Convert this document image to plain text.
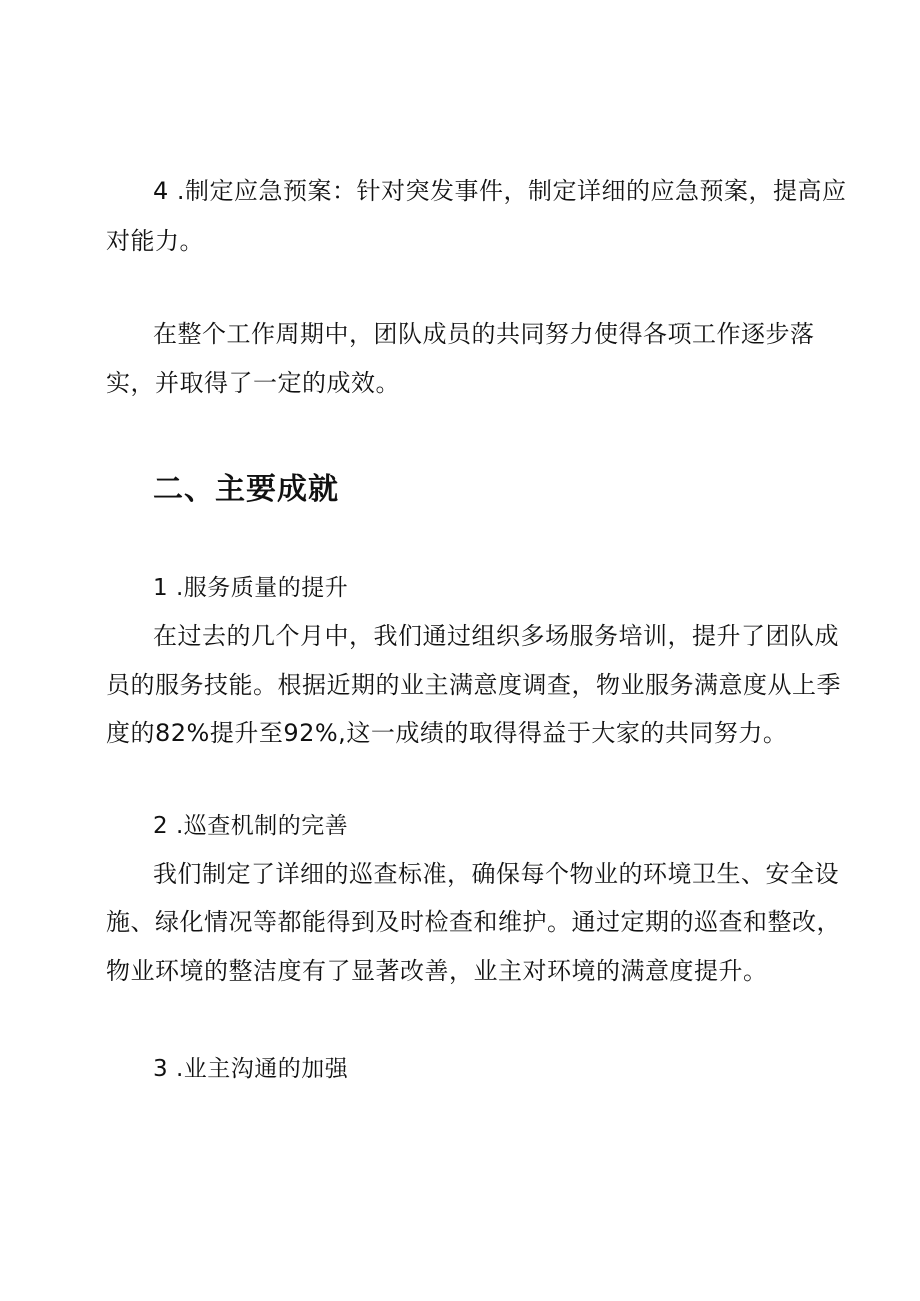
4 .制定应急预案：针对突发事件，制定详细的应急预案，提高应
对能力。
在整个工作周期中，团队成员的共同努力使得各项工作逐步落
实，并取得了一定的成效。
二、主要成就
1 .服务质量的提升
在过去的几个月中，我们通过组织多场服务培训，提升了团队成
员的服务技能。根据近期的业主满意度调查，物业服务满意度从上季
度的82%提升至92%,这一成绩的取得得益于大家的共同努力。
2 .巡查机制的完善
我们制定了详细的巡查标准，确保每个物业的环境卫生、安全设
施、绿化情况等都能得到及时检查和维护。通过定期的巡查和整改，
物业环境的整洁度有了显著改善，业主对环境的满意度提升。
3 .业主沟通的加强
